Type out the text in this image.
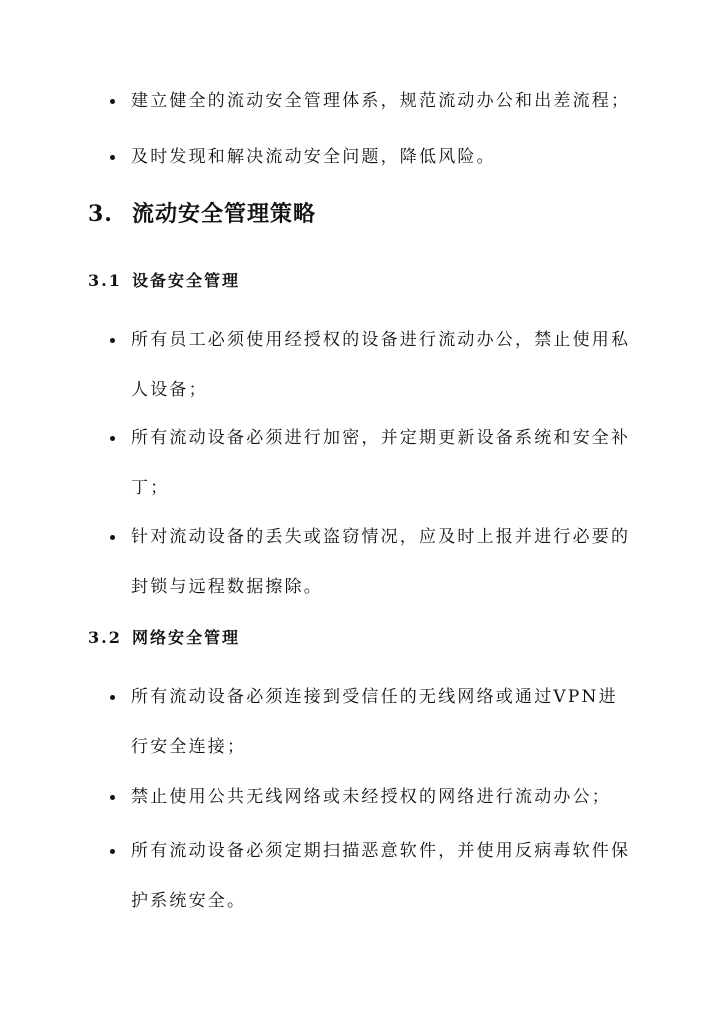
建立健全的流动安全管理体系，规范流动办公和出差流程；
及时发现和解决流动安全问题，降低风险。
3. 流动安全管理策略
3.1 设备安全管理
所有员工必须使用经授权的设备进行流动办公，禁止使用私人设备；
所有流动设备必须进行加密，并定期更新设备系统和安全补丁；
针对流动设备的丢失或盗窃情况，应及时上报并进行必要的封锁与远程数据擦除。
3.2 网络安全管理
所有流动设备必须连接到受信任的无线网络或通过VPN进行安全连接；
禁止使用公共无线网络或未经授权的网络进行流动办公；
所有流动设备必须定期扫描恶意软件，并使用反病毒软件保护系统安全。
